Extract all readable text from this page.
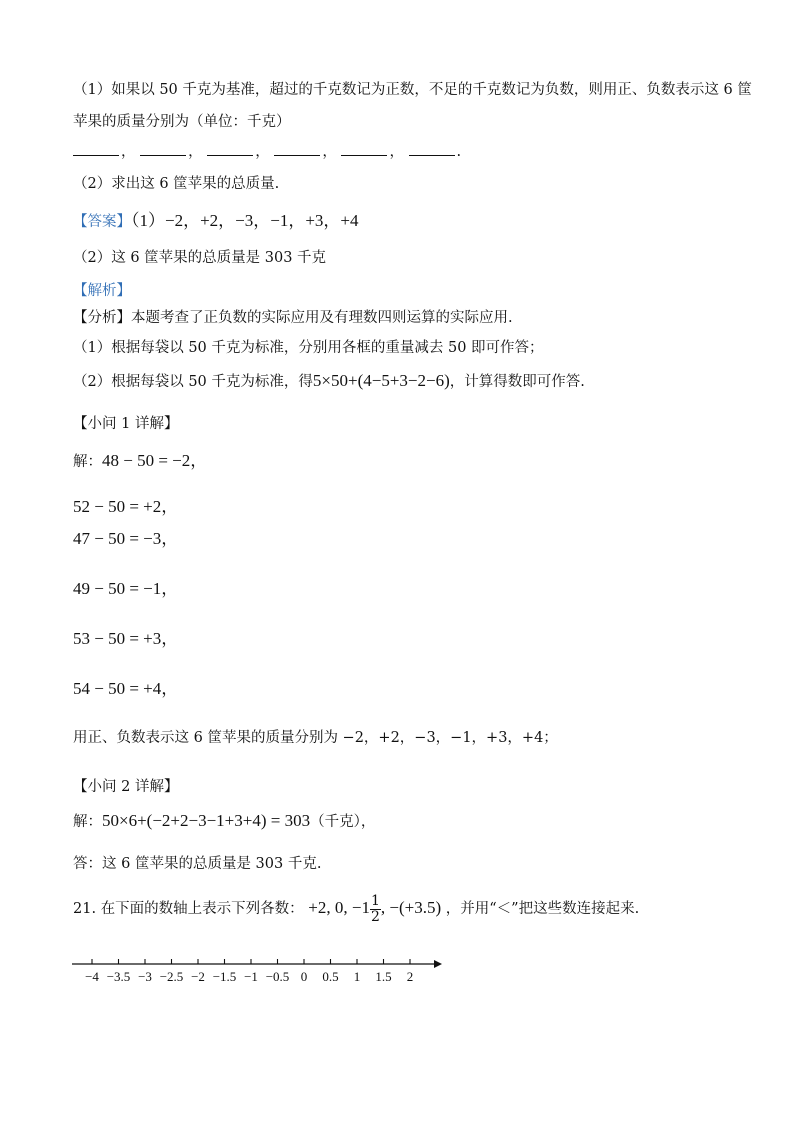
（1）如果以 50 千克为基准，超过的千克数记为正数，不足的千克数记为负数，则用正、负数表示这 6 筐
苹果的质量分别为（单位：千克）
，	，	，	，	，	.
（2）求出这 6 筐苹果的总质量.
【答案】（1）−2，+2，−3，−1，+3，+4
（2）这 6 筐苹果的总质量是 303 千克
【解析】
【分析】本题考查了正负数的实际应用及有理数四则运算的实际应用.
（1）根据每袋以 50 千克为标准，分别用各框的重量减去 50 即可作答；
（2）根据每袋以 50 千克为标准，得5×50+(4−5+3−2−6)，计算得数即可作答.
【小问 1 详解】
解：48 − 50 = −2，
52 − 50 = +2，
47 − 50 = −3，
49 − 50 = −1，
53 − 50 = +3，
54 − 50 = +4，
用正、负数表示这 6 筐苹果的质量分别为 −2，+2，−3，−1，+3，+4；
【小问 2 详解】
解：50×6+(−2+2−3−1+3+4) = 303（千克），
答：这 6 筐苹果的总质量是 303 千克.
21. 在下面的数轴上表示下列各数： +2, 0, $-1 \frac{1}{2}$ , −(+3.5) ，并用“＜”把这些数连接起来.
−4 −3.5 −3 −2.5 −2 −1.5 −1 −0.5 0 0.5 1 1.5 2
